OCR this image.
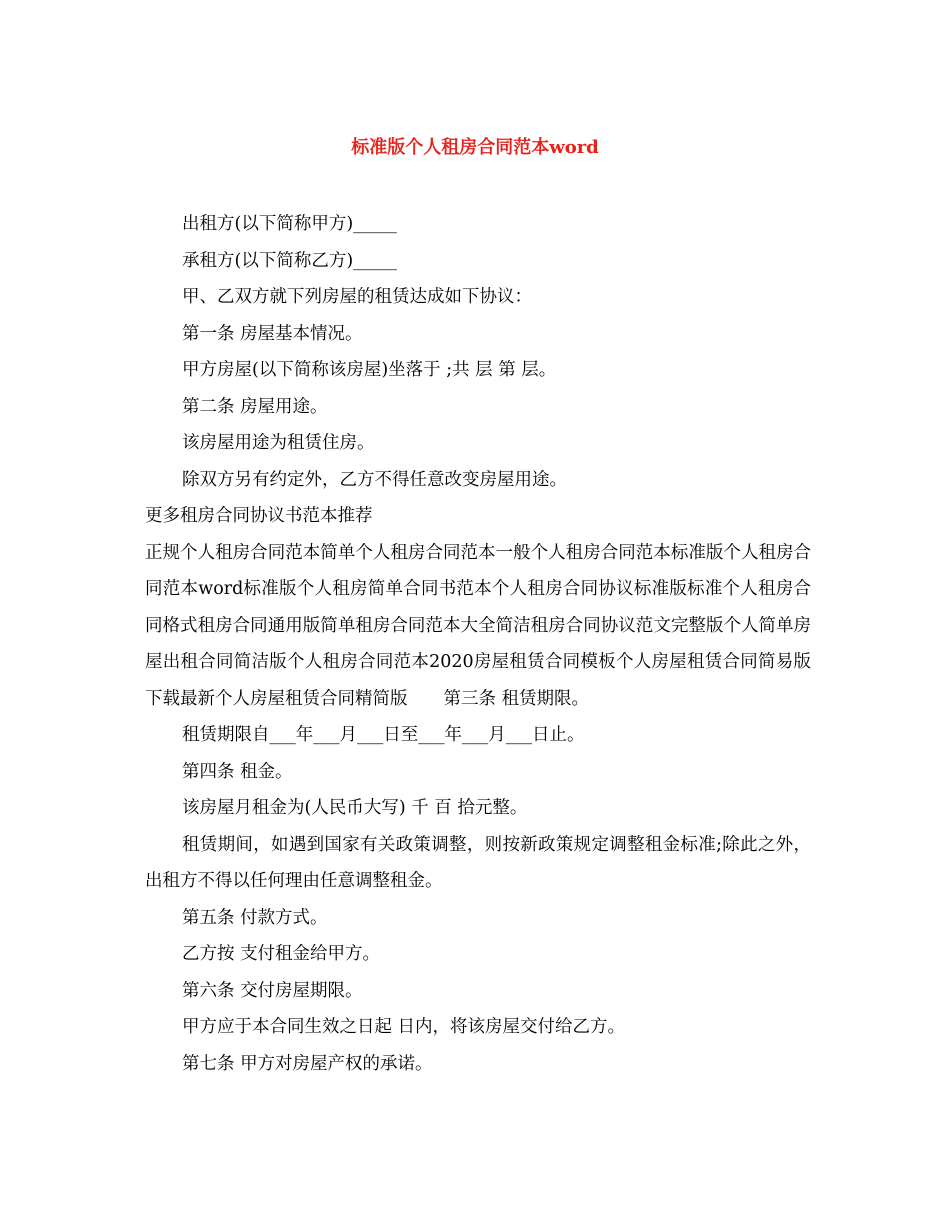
标准版个人租房合同范本word

出租方(以下简称甲方)_____

承租方(以下简称乙方)_____

甲、乙双方就下列房屋的租赁达成如下协议：

第一条 房屋基本情况。

甲方房屋(以下简称该房屋)坐落于 ;共 层 第 层。

第二条 房屋用途。

该房屋用途为租赁住房。

除双方另有约定外，乙方不得任意改变房屋用途。

更多租房合同协议书范本推荐

正规个人租房合同范本简单个人租房合同范本一般个人租房合同范本标准版个人租房合同范本word标准版个人租房简单合同书范本个人租房合同协议标准版标准个人租房合同格式租房合同通用版简单租房合同范本大全简洁租房合同协议范文完整版个人简单房屋出租合同简洁版个人租房合同范本2020房屋租赁合同模板个人房屋租赁合同简易版下载最新个人房屋租赁合同精简版 第三条 租赁期限。

租赁期限自___年___月___日至___年___月___日止。

第四条 租金。

该房屋月租金为(人民币大写) 千 百 拾元整。

租赁期间，如遇到国家有关政策调整，则按新政策规定调整租金标准;除此之外，出租方不得以任何理由任意调整租金。

第五条 付款方式。

乙方按 支付租金给甲方。

第六条 交付房屋期限。

甲方应于本合同生效之日起 日内，将该房屋交付给乙方。

第七条 甲方对房屋产权的承诺。
